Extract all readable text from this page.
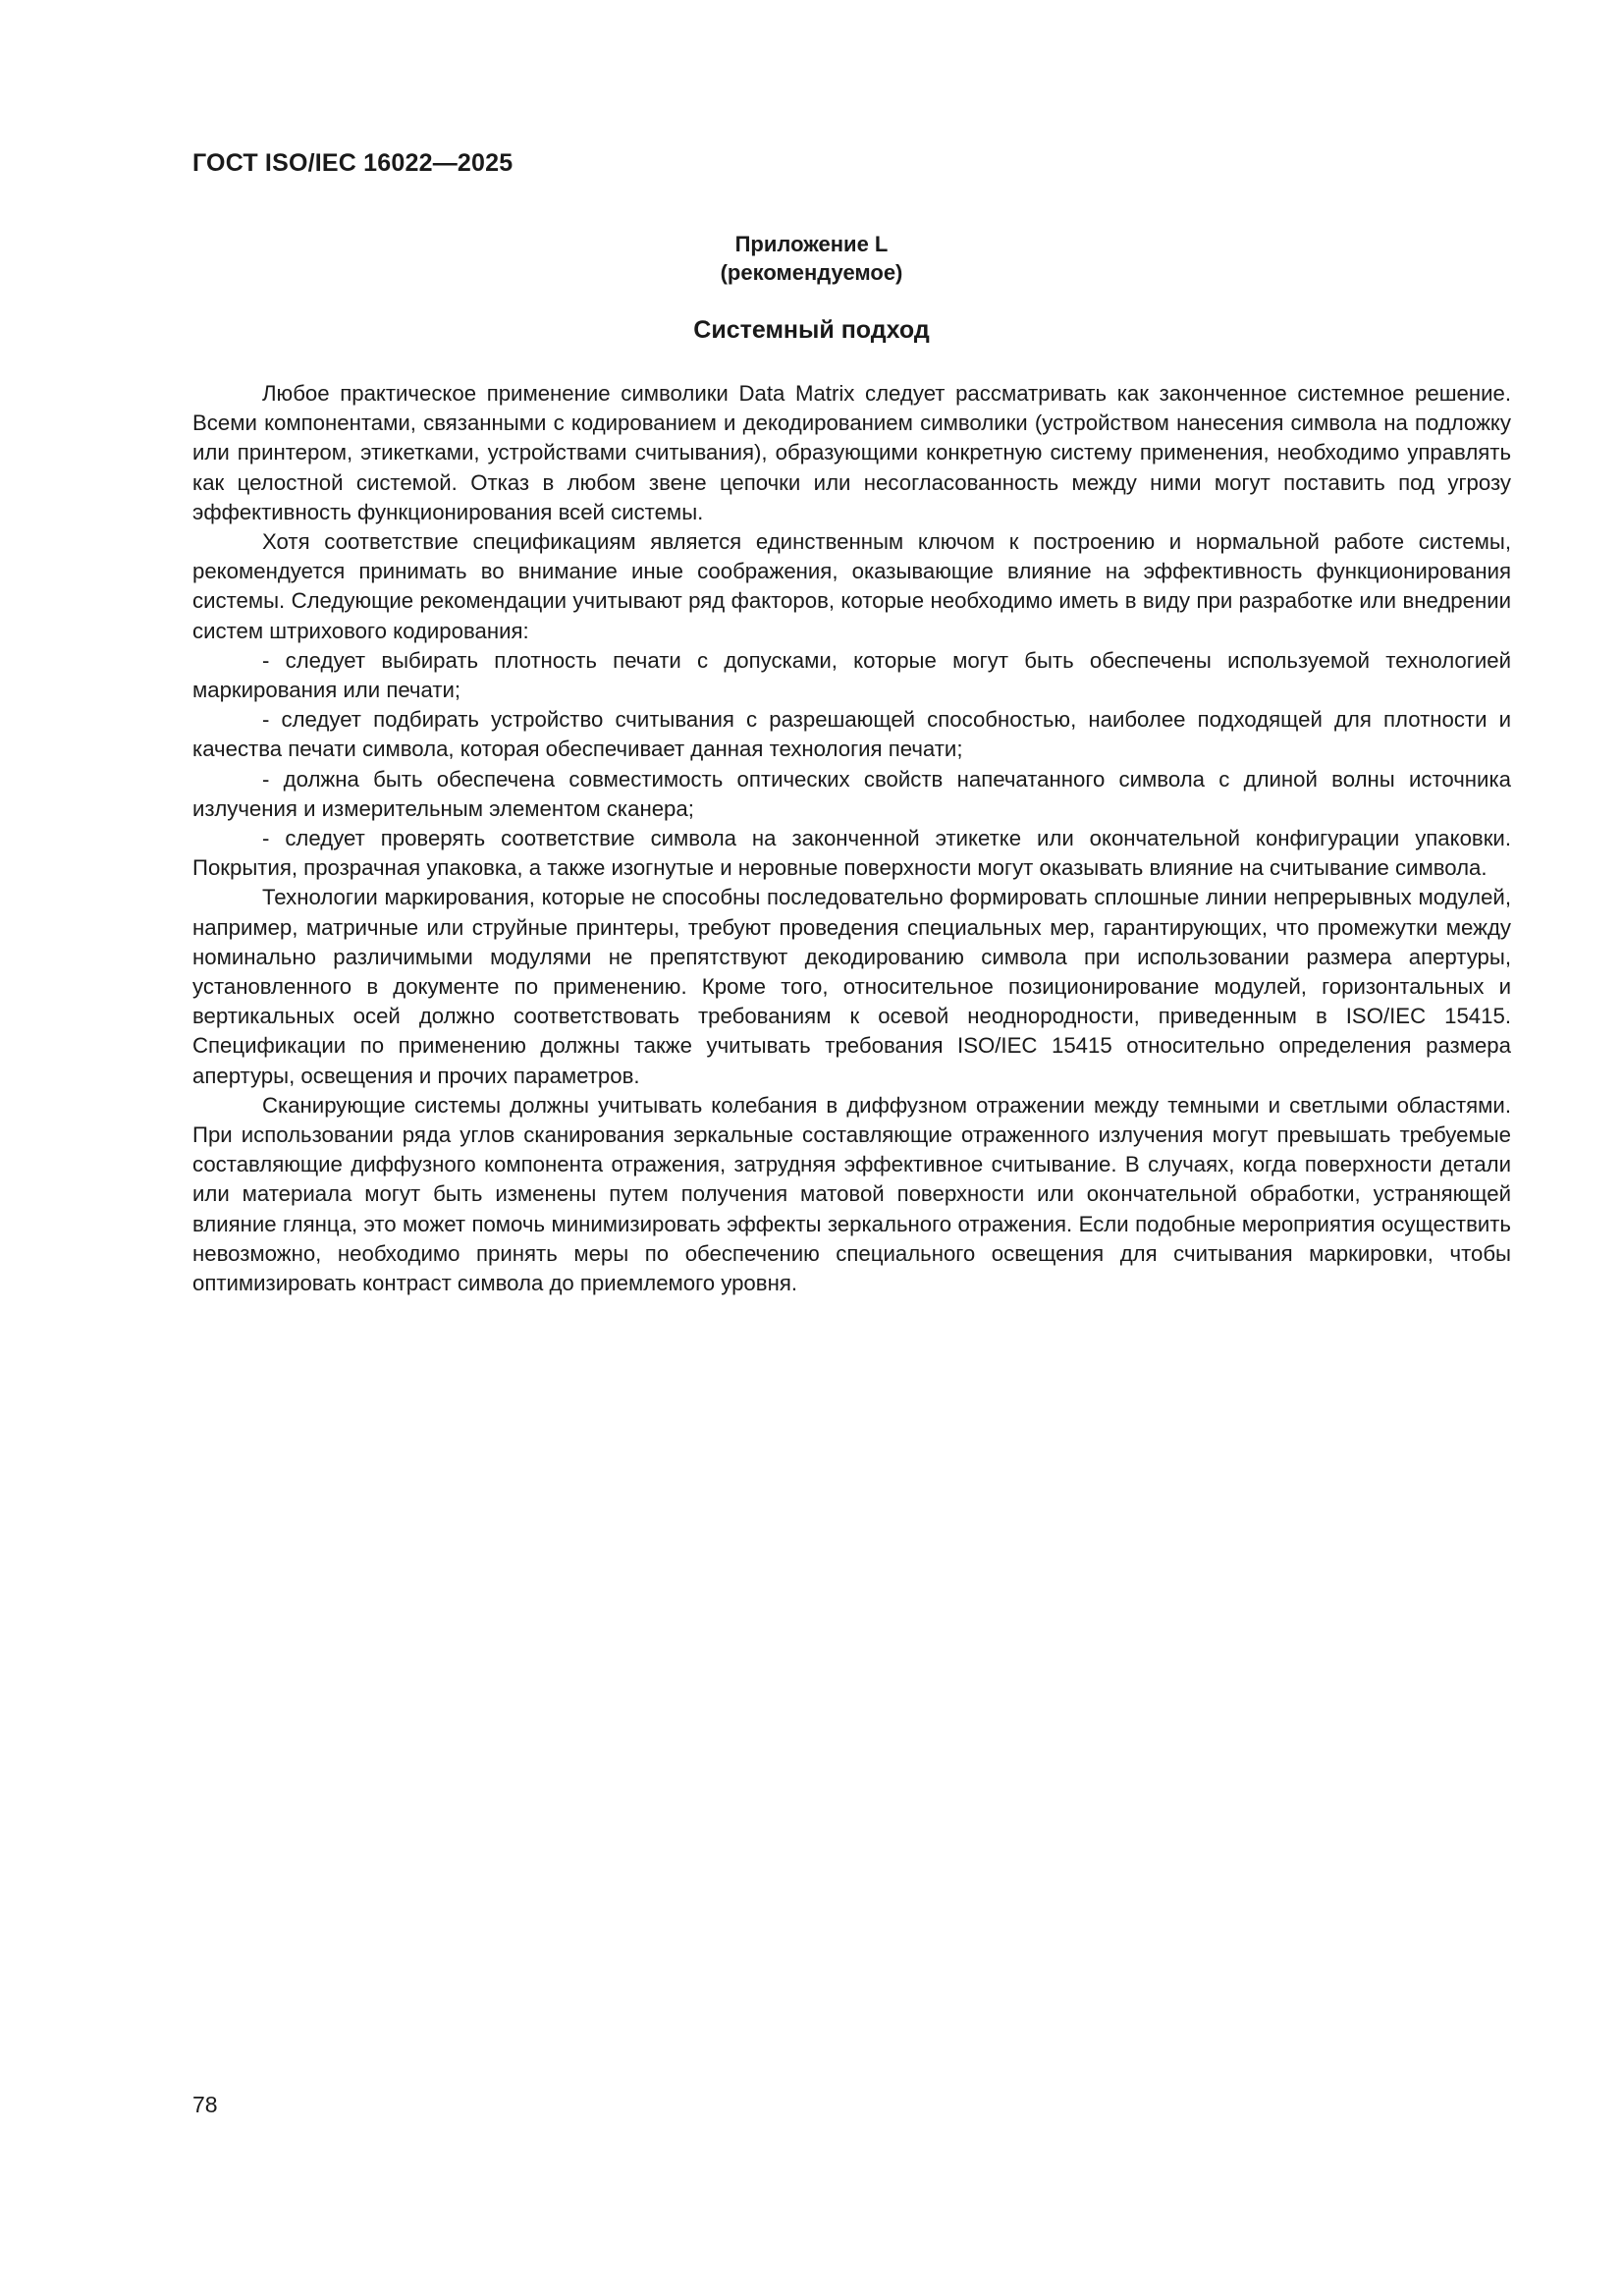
ГОСТ ISO/IEC 16022—2025
Приложение L
(рекомендуемое)
Системный подход

Любое практическое применение символики Data Matrix следует рассматривать как законченное системное решение. Всеми компонентами, связанными с кодированием и декодированием символики (устройством нанесения символа на подложку или принтером, этикетками, устройствами считывания), образующими конкретную систему применения, необходимо управлять как целостной системой. Отказ в любом звене цепочки или несогласованность между ними могут поставить под угрозу эффективность функционирования всей системы.

Хотя соответствие спецификациям является единственным ключом к построению и нормальной работе системы, рекомендуется принимать во внимание иные соображения, оказывающие влияние на эффективность функционирования системы. Следующие рекомендации учитывают ряд факторов, которые необходимо иметь в виду при разработке или внедрении систем штрихового кодирования:

- следует выбирать плотность печати с допусками, которые могут быть обеспечены используемой технологией маркирования или печати;

- следует подбирать устройство считывания с разрешающей способностью, наиболее подходящей для плотности и качества печати символа, которая обеспечивает данная технология печати;

- должна быть обеспечена совместимость оптических свойств напечатанного символа с длиной волны источника излучения и измерительным элементом сканера;

- следует проверять соответствие символа на законченной этикетке или окончательной конфигурации упаковки. Покрытия, прозрачная упаковка, а также изогнутые и неровные поверхности могут оказывать влияние на считывание символа.

Технологии маркирования, которые не способны последовательно формировать сплошные линии непрерывных модулей, например, матричные или струйные принтеры, требуют проведения специальных мер, гарантирующих, что промежутки между номинально различимыми модулями не препятствуют декодированию символа при использовании размера апертуры, установленного в документе по применению. Кроме того, относительное позиционирование модулей, горизонтальных и вертикальных осей должно соответствовать требованиям к осевой неоднородности, приведенным в ISO/IEC 15415. Спецификации по применению должны также учитывать требования ISO/IEC 15415 относительно определения размера апертуры, освещения и прочих параметров.

Сканирующие системы должны учитывать колебания в диффузном отражении между темными и светлыми областями. При использовании ряда углов сканирования зеркальные составляющие отраженного излучения могут превышать требуемые составляющие диффузного компонента отражения, затрудняя эффективное считывание. В случаях, когда поверхности детали или материала могут быть изменены путем получения матовой поверхности или окончательной обработки, устраняющей влияние глянца, это может помочь минимизировать эффекты зеркального отражения. Если подобные мероприятия осуществить невозможно, необходимо принять меры по обеспечению специального освещения для считывания маркировки, чтобы оптимизировать контраст символа до приемлемого уровня.

78
